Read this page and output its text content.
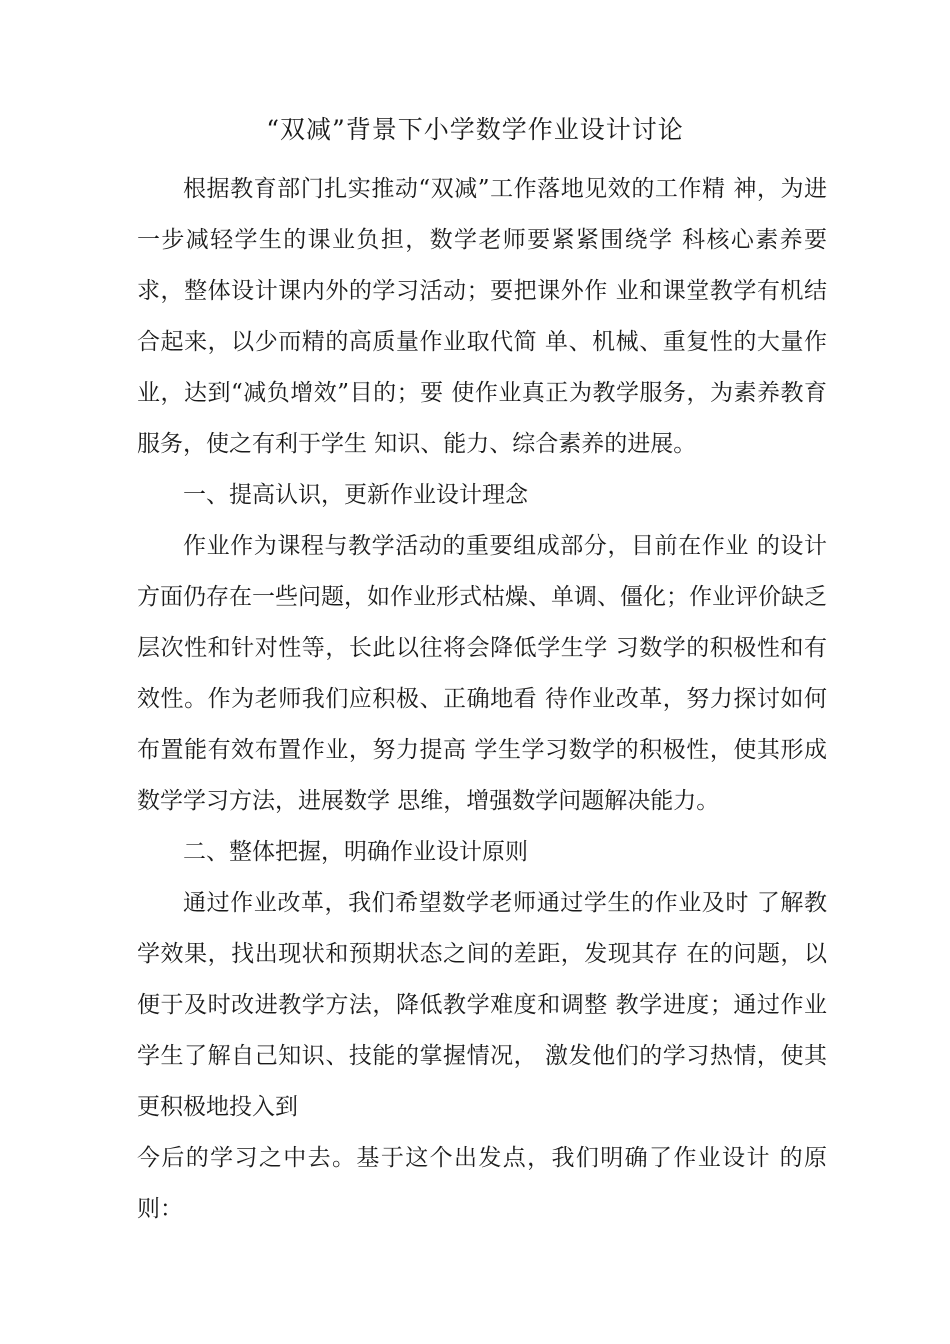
“双减”背景下小学数学作业设计讨论

根据教育部门扎实推动“双减”工作落地见效的工作精 神，为进一步减轻学生的课业负担，数学老师要紧紧围绕学 科核心素养要求，整体设计课内外的学习活动；要把课外作 业和课堂教学有机结合起来，以少而精的高质量作业取代简 单、机械、重复性的大量作业，达到“减负增效”目的；要 使作业真正为教学服务，为素养教育服务，使之有利于学生 知识、能力、综合素养的进展。

一、提高认识，更新作业设计理念

作业作为课程与教学活动的重要组成部分，目前在作业 的设计方面仍存在一些问题，如作业形式枯燥、单调、僵化；作业评价缺乏层次性和针对性等，长此以往将会降低学生学 习数学的积极性和有效性。作为老师我们应积极、正确地看 待作业改革，努力探讨如何布置能有效布置作业，努力提高 学生学习数学的积极性，使其形成数学学习方法，进展数学 思维，增强数学问题解决能力。

二、整体把握，明确作业设计原则

通过作业改革，我们希望数学老师通过学生的作业及时 了解教学效果，找出现状和预期状态之间的差距，发现其存 在的问题，以便于及时改进教学方法，降低教学难度和调整 教学进度；通过作业学生了解自己知识、技能的掌握情况， 激发他们的学习热情，使其更积极地投入到

今后的学习之中去。基于这个出发点，我们明确了作业设计 的原则：
